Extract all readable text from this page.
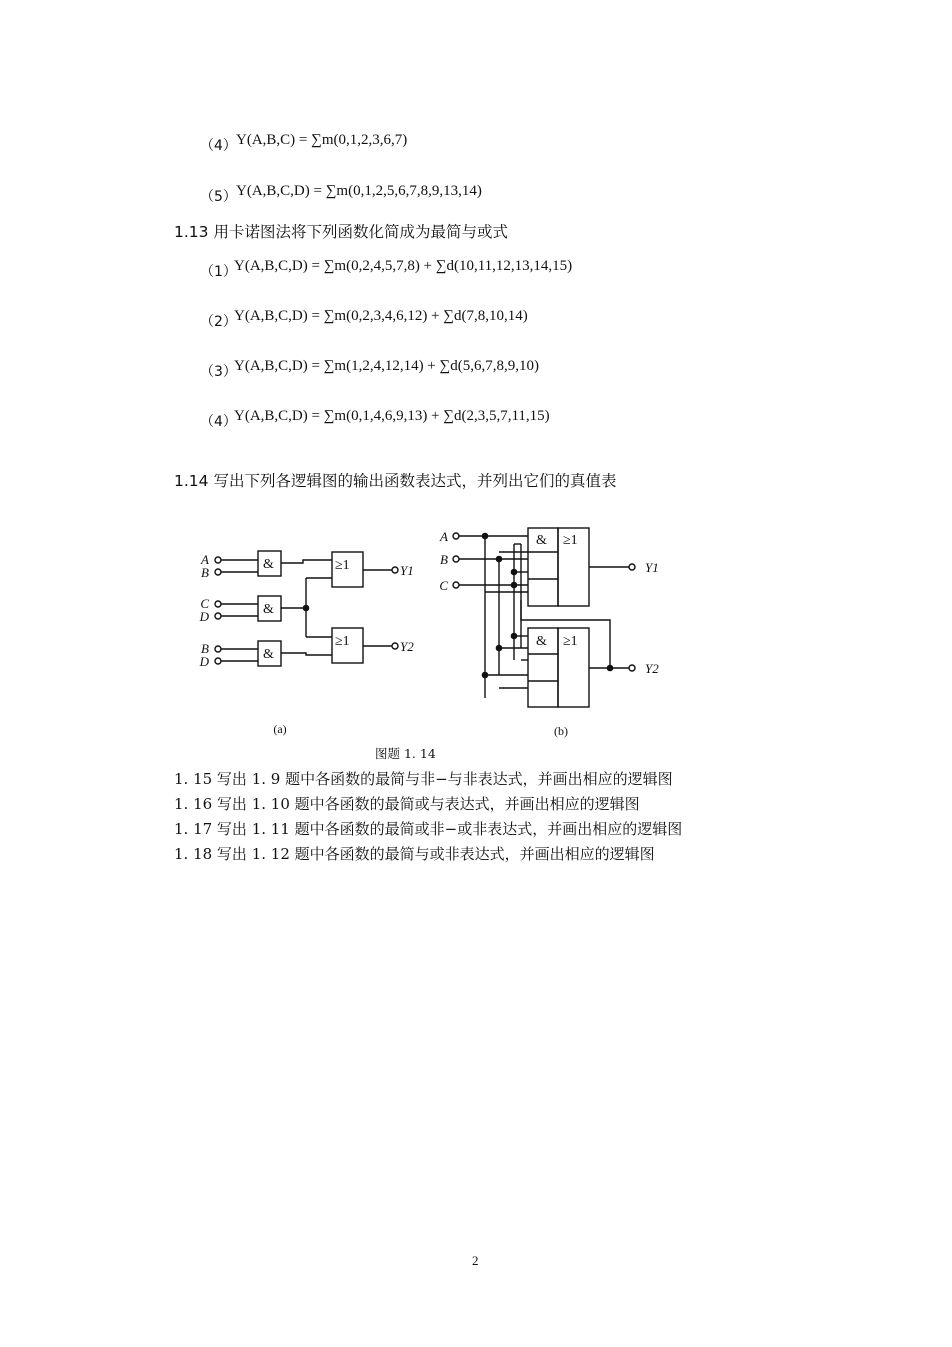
（4） Y(A,B,C) = ∑m(0,1,2,3,6,7)
（5） Y(A,B,C,D) = ∑m(0,1,2,5,6,7,8,9,13,14)
1.13 用卡诺图法将下列函数化简成为最简与或式
（1）
Y(A,B,C,D) = ∑m(0,2,4,5,7,8) + ∑d(10,11,12,13,14,15)
（2）
Y(A,B,C,D) = ∑m(0,2,3,4,6,12) + ∑d(7,8,10,14)
（3）
Y(A,B,C,D) = ∑m(1,2,4,12,14) + ∑d(5,6,7,8,9,10)
（4）
Y(A,B,C,D) = ∑m(0,1,4,6,9,13) + ∑d(2,3,5,7,11,15)
1.14 写出下列各逻辑图的输出函数表达式，并列出它们的真值表
&
&
&
≥1
≥1
& ≥1
& ≥1
A
B
C
D
B
D
A
B
C
Y1
Y2
Y1
Y2
(a)	(b)
图题 1. 14
1. 15 写出 1. 9 题中各函数的最简与非−与非表达式，并画出相应的逻辑图
1. 16 写出 1. 10 题中各函数的最简或与表达式，并画出相应的逻辑图
1. 17 写出 1. 11 题中各函数的最简或非−或非表达式，并画出相应的逻辑图
1. 18 写出 1. 12 题中各函数的最简与或非表达式，并画出相应的逻辑图
2
